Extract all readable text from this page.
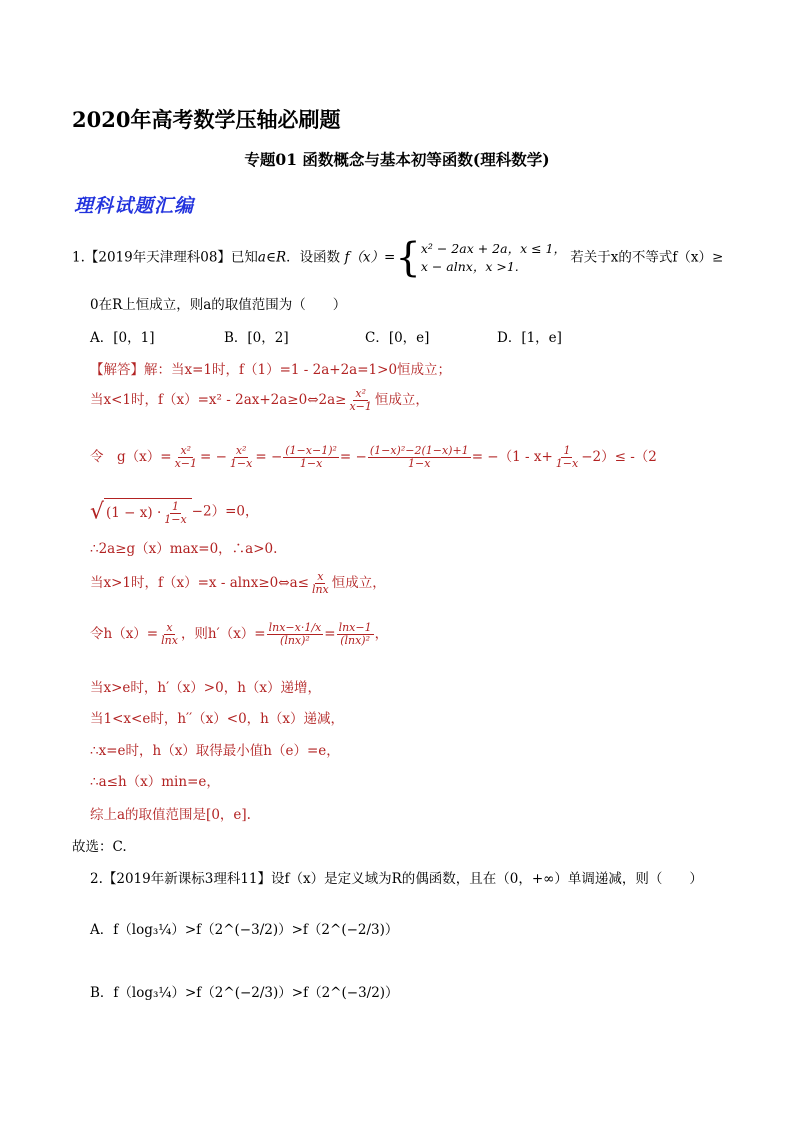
2020年高考数学压轴必刷题
专题01 函数概念与基本初等函数(理科数学)
理科试题汇编
1.【2019年天津理科08】已知a∈R．设函数 f（x）={ x² − 2ax + 2a，x ≤ 1，
x − alnx，x >1.
若关于x的不等式f（x）≥
0在R上恒成立，则a的取值范围为（　　）
A．[0，1]	B．[0，2]	C．[0，e]	D．[1，e]
【解答】解：当x=1时，f（1）=1 - 2a+2a=1>0恒成立；
当x<1时，f（x）=x² - 2ax+2a≥0⇔2a≥ $\frac{\text{x²}}{x-1}$ 恒成立，
令　$g(x)= \frac{\text{x²}}{x-1}$ = − $\frac{\text{x²}}{1-x}$ = − $\frac{\text{(1−x−1)²}}{1-x}$ = − $\frac{\text{(1−x)²−2(1−x)+1}}{1-x} = -(1 - x+ \frac{1}{1-x} -2)\le -(2$
√ $(1 - x) \cdot \frac{1}{1-x} -2)=0$，
∴2a≥g（x）max=0，∴a>0.
当x>1时，f（x）=x - alnx≥0⇔a≤ $\frac{x}{\ln x}$ 恒成立，
令$h(x)= \frac{x}{\ln x}$ ，则$h'(x)= \frac{\ln x-x\cdot 1/x}{\text{(lnx)²}} = \frac{\ln x-1}{\text{(lnx)²}}$ ，
当x>e时，h′（x）>0，h（x）递增，
当1<x<e时，h′′（x）<0，h（x）递减，
∴x=e时，h（x）取得最小值h（e）=e，
∴a≤h（x）min=e，
综上a的取值范围是[0，e].
故选：C.
2.【2019年新课标3理科11】设f（x）是定义域为R的偶函数，且在（0，+∞）单调递减，则（　　）
A．f（log₃¼）>f（2^(−3/2)）>f（2^(−2/3)）
B．f（log₃¼）>f（2^(−2/3)）>f（2^(−3/2)）
